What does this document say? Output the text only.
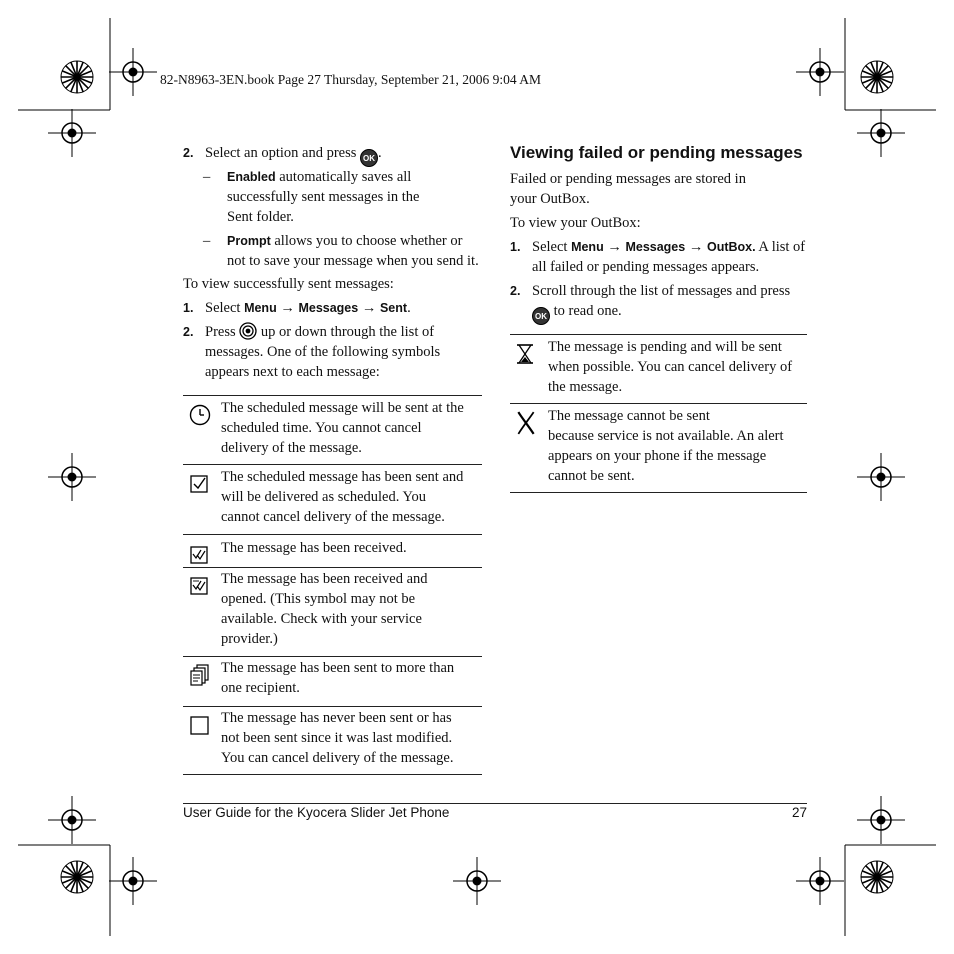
82-N8963-3EN.book Page 27 Thursday, September 21, 2006 9:04 AM
2. Select an option and press OK .
– Enabled automatically saves all
successfully sent messages in the
Sent folder.
– Prompt allows you to choose whether or
not to save your message when you send it.
To view successfully sent messages:
1. Select Menu → Messages → Sent.
2. Press up or down through the list of
messages. One of the following symbols
appears next to each message:
The scheduled message will be sent at the
scheduled time. You cannot cancel
delivery of the message.
The scheduled message has been sent and
will be delivered as scheduled. You
cannot cancel delivery of the message.
The message has been received.
The message has been received and
opened. (This symbol may not be
available. Check with your service
provider.)
The message has been sent to more than
one recipient.
The message has never been sent or has
not been sent since it was last modified.
You can cancel delivery of the message.
Viewing failed or pending messages
Failed or pending messages are stored in
your OutBox.
To view your OutBox:
1. Select Menu → Messages → OutBox. A list of
all failed or pending messages appears.
2. Scroll through the list of messages and press
OK to read one.
The message is pending and will be sent
when possible. You can cancel delivery of
the message.
The message cannot be sent
because service is not available. An alert
appears on your phone if the message
cannot be sent.
User Guide for the Kyocera Slider Jet Phone	27
